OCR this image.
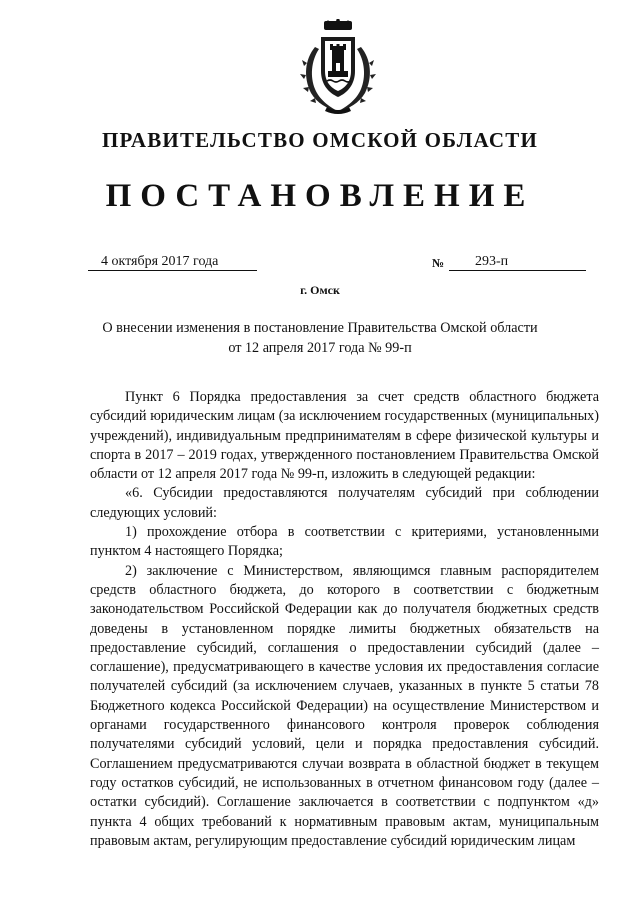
ПРАВИТЕЛЬСТВО ОМСКОЙ ОБЛАСТИ
ПОСТАНОВЛЕНИЕ
4 октября 2017 года	№	293-п
г. Омск
О внесении изменения в постановление Правительства Омской области
от 12 апреля 2017 года № 99-п

Пункт 6 Порядка предоставления за счет средств областного бюджета субсидий юридическим лицам (за исключением государственных (муниципальных) учреждений), индивидуальным предпринимателям в сфере физической культуры и спорта в 2017 – 2019 годах, утвержденного постановлением Правительства Омской области от 12 апреля 2017 года № 99-п, изложить в следующей редакции:

«6. Субсидии предоставляются получателям субсидий при соблюдении следующих условий:

1) прохождение отбора в соответствии с критериями, установленными пунктом 4 настоящего Порядка;

2) заключение с Министерством, являющимся главным распорядителем средств областного бюджета, до которого в соответствии с бюджетным законодательством Российской Федерации как до получателя бюджетных средств доведены в установленном порядке лимиты бюджетных обязательств на предоставление субсидий, соглашения о предоставлении субсидий (далее – соглашение), предусматривающего в качестве условия их предоставления согласие получателей субсидий (за исключением случаев, указанных в пункте 5 статьи 78 Бюджетного кодекса Российской Федерации) на осуществление Министерством и органами государственного финансового контроля проверок соблюдения получателями субсидий условий, цели и порядка предоставления субсидий. Соглашением предусматриваются случаи возврата в областной бюджет в текущем году остатков субсидий, не использованных в отчетном финансовом году (далее – остатки субсидий). Соглашение заключается в соответствии с подпунктом «д» пункта 4 общих требований к нормативным правовым актам, муниципальным правовым актам, регулирующим предоставление субсидий юридическим лицам
